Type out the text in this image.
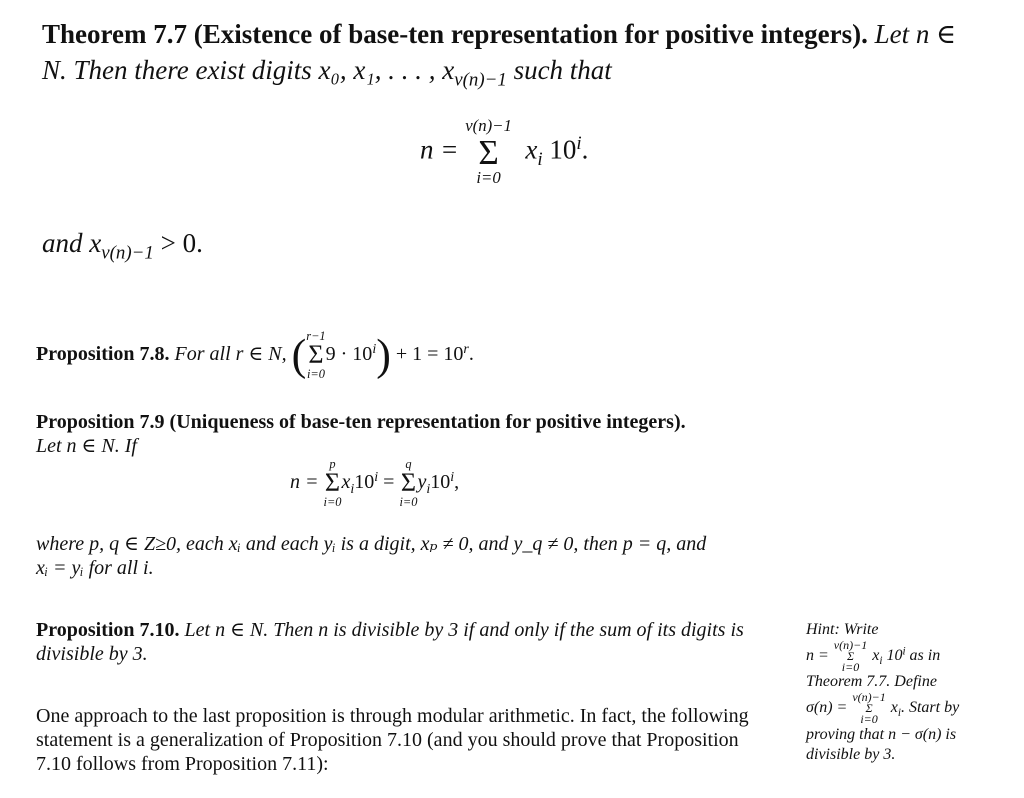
Theorem 7.7 (Existence of base-ten representation for positive integers). Let n ∈
N. Then there exist digits x₀, x₁, . . . , $x_{\nu(n)-1}$ such that
n =
ν(n)−1
Σ
i=0
$x_i$ 10$^i$.
and $x_{\nu(n)-1} > 0$.
Proposition 7.8. For all r ∈ N, ( r−1
Σ
i=0
$9 \cdot 10^i) + 1 = 10^r$.
Proposition 7.9 (Uniqueness of base-ten representation for positive integers).
Let n ∈ N. If
n =
p
Σ
i=0
$x_i10^i$ =
q
Σ
i=0
$y_i10^i$,
where p, q ∈ Z≥0, each xᵢ and each yᵢ is a digit, xₚ ≠ 0, and y_q ≠ 0, then p = q, and
xᵢ = yᵢ for all i.
Proposition 7.10. Let n ∈ N. Then n is divisible by 3 if and only if the sum of its digits is divisible by 3.
One approach to the last proposition is through modular arithmetic. In fact, the following statement is a generalization of Proposition 7.10 (and you should prove that Proposition 7.10 follows from Proposition 7.11):
Hint: Write
n =
ν(n)−1
Σ
i=0
$x_i$ 10$^i$ as in
Theorem 7.7. Define
σ(n) =
ν(n)−1
Σ
i=0
$x_i$. Start by
proving that n − σ(n) is
divisible by 3.
